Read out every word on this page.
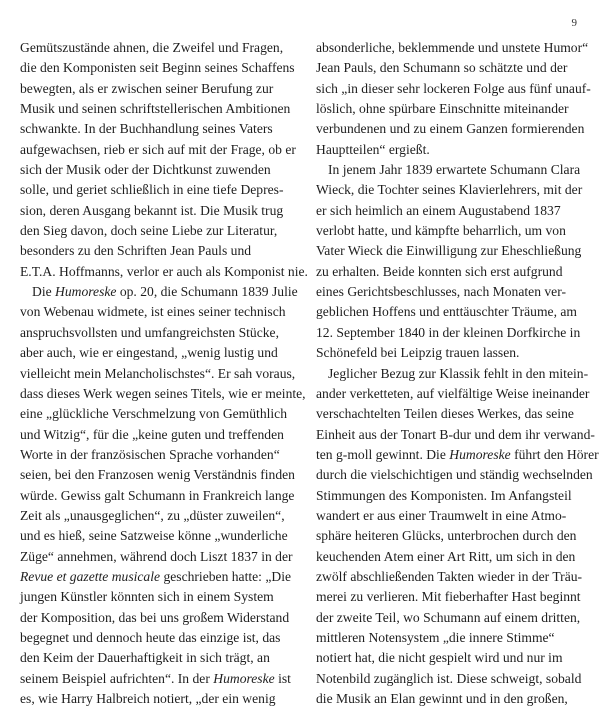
9
Gemütszustände ahnen, die Zweifel und Fragen,
die den Komponisten seit Beginn seines Schaffens
bewegten, als er zwischen seiner Berufung zur
Musik und seinen schriftstellerischen Ambitionen
schwankte. In der Buchhandlung seines Vaters
aufgewachsen, rieb er sich auf mit der Frage, ob er
sich der Musik oder der Dichtkunst zuwenden
solle, und geriet schließlich in eine tiefe Depres-
sion, deren Ausgang bekannt ist. Die Musik trug
den Sieg davon, doch seine Liebe zur Literatur,
besonders zu den Schriften Jean Pauls und
E.T.A. Hoffmanns, verlor er auch als Komponist nie.
Die Humoreske op. 20, die Schumann 1839 Julie
von Webenau widmete, ist eines seiner technisch
anspruchsvollsten und umfangreichsten Stücke,
aber auch, wie er eingestand, „wenig lustig und
vielleicht mein Melancholischstes“. Er sah voraus,
dass dieses Werk wegen seines Titels, wie er meinte,
eine „glückliche Verschmelzung von Gemüthlich
und Witzig“, für die „keine guten und treffenden
Worte in der französischen Sprache vorhanden“
seien, bei den Franzosen wenig Verständnis finden
würde. Gewiss galt Schumann in Frankreich lange
Zeit als „unausgeglichen“, zu „düster zuweilen“,
und es hieß, seine Satzweise könne „wunderliche
Züge“ annehmen, während doch Liszt 1837 in der
Revue et gazette musicale geschrieben hatte: „Die
jungen Künstler könnten sich in einem System
der Komposition, das bei uns großem Widerstand
begegnet und dennoch heute das einzige ist, das
den Keim der Dauerhaftigkeit in sich trägt, an
seinem Beispiel aufrichten“. In der Humoreske ist
es, wie Harry Halbreich notiert, „der ein wenig
absonderliche, beklemmende und unstete Humor“
Jean Pauls, den Schumann so schätzte und der
sich „in dieser sehr lockeren Folge aus fünf unauf-
löslich, ohne spürbare Einschnitte miteinander
verbundenen und zu einem Ganzen formierenden
Hauptteilen“ ergießt.
In jenem Jahr 1839 erwartete Schumann Clara
Wieck, die Tochter seines Klavierlehrers, mit der
er sich heimlich an einem Augustabend 1837
verlobt hatte, und kämpfte beharrlich, um von
Vater Wieck die Einwilligung zur Eheschließung
zu erhalten. Beide konnten sich erst aufgrund
eines Gerichtsbeschlusses, nach Monaten ver-
geblichen Hoffens und enttäuschter Träume, am
12. September 1840 in der kleinen Dorfkirche in
Schönefeld bei Leipzig trauen lassen.
Jeglicher Bezug zur Klassik fehlt in den mitein-
ander verketteten, auf vielfältige Weise ineinander
verschachtelten Teilen dieses Werkes, das seine
Einheit aus der Tonart B-dur und dem ihr verwand-
ten g-moll gewinnt. Die Humoreske führt den Hörer
durch die vielschichtigen und ständig wechselnden
Stimmungen des Komponisten. Im Anfangsteil
wandert er aus einer Traumwelt in eine Atmo-
sphäre heiteren Glücks, unterbrochen durch den
keuchenden Atem einer Art Ritt, um sich in den
zwölf abschließenden Takten wieder in der Träu-
merei zu verlieren. Mit fieberhafter Hast beginnt
der zweite Teil, wo Schumann auf einem dritten,
mittleren Notensystem „die innere Stimme“
notiert hat, die nicht gespielt wird und nur im
Notenbild zugänglich ist. Diese schweigt, sobald
die Musik an Elan gewinnt und in den großen,
